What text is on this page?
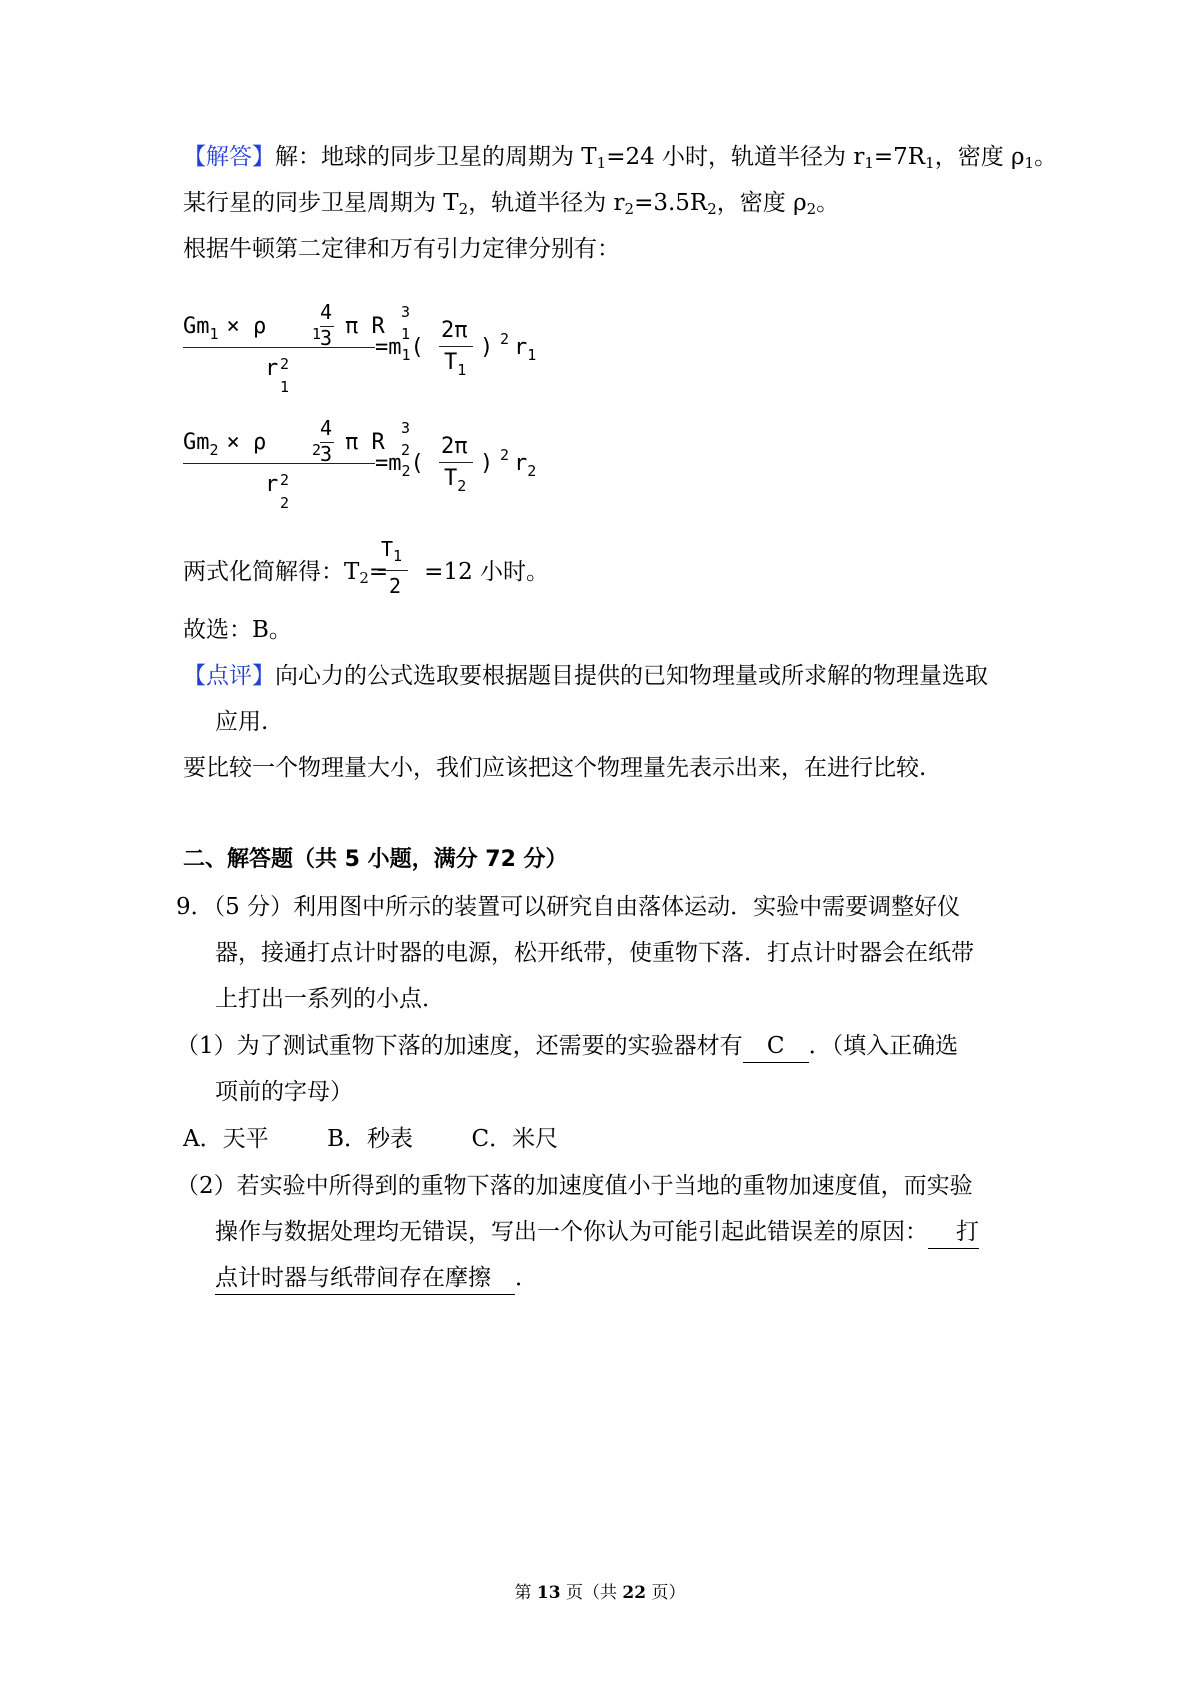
【解答】解：地球的同步卫星的周期为 $T_1=24$ 小时，轨道半径为 $r_1=7R_1$，密度 $\rho_1$。
某行星的同步卫星周期为 $T_2$，轨道半径为 $r_2=3.5R_2$，密度 $\rho_2$。
根据牛顿第二定律和万有引力定律分别有：
$Gm_1 \times \rho$	1
4
3 π R
3
1
r 2
1
$=m_1$(
2π
$T_1$
) 2 $r_1$
$Gm_2 \times \rho$	2
4
3 π R
3
2
r 2
2
$=m_2$(
2π
$T_2$
) 2 $r_2$
两式化简解得：$T_2= =12$ 小时。
$T_1$
2
故选：B。
【点评】向心力的公式选取要根据题目提供的已知物理量或所求解的物理量选取
应用.
要比较一个物理量大小，我们应该把这个物理量先表示出来，在进行比较.
二、解答题（共 5 小题，满分 72 分）
9．（5 分）利用图中所示的装置可以研究自由落体运动．实验中需要调整好仪
器，接通打点计时器的电源，松开纸带，使重物下落．打点计时器会在纸带
上打出一系列的小点．
（1）为了测试重物下落的加速度，还需要的实验器材有 C ．（填入正确选
项前的字母）
A．天平        B．秒表        C．米尺
（2）若实验中所得到的重物下落的加速度值小于当地的重物加速度值，而实验
操作与数据处理均无错误，写出一个你认为可能引起此错误差的原因： 打
点计时器与纸带间存在摩擦 ．
第 13 页（共 22 页）
